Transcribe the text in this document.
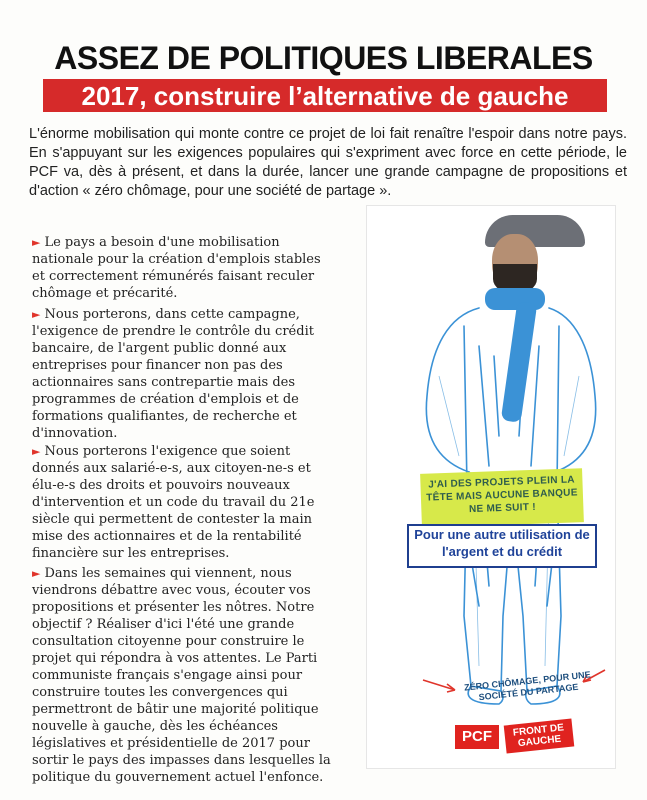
ASSEZ DE POLITIQUES LIBERALES
2017, construire l’alternative de gauche
L'énorme mobilisation qui monte contre ce projet de loi fait renaître l'espoir dans notre pays. En s'appuyant sur les exigences populaires qui s'expriment avec force en cette période, le PCF va, dès à présent, et dans la durée, lancer une grande campagne de propositions et d'action « zéro chômage, pour une société de partage ».
► Le pays a besoin d'une mobilisation nationale pour la création d'emplois stables et correctement rémunérés faisant reculer chômage et précarité.
► Nous porterons, dans cette campagne, l'exigence de prendre le contrôle du crédit bancaire, de l'argent public donné aux entreprises pour financer non pas des actionnaires sans contrepartie mais des programmes de création d'emplois et de formations qualifiantes, de recherche et d'innovation.
► Nous porterons l'exigence que soient donnés aux salarié-e-s, aux citoyen-ne-s et élu-e-s des droits et pouvoirs nouveaux d'intervention et un code du travail du 21e siècle qui permettent de contester la main mise des actionnaires et de la rentabilité financière sur les entreprises.
► Dans les semaines qui viennent, nous viendrons débattre avec vous, écouter vos propositions et présenter les nôtres. Notre objectif ? Réaliser d'ici l'été une grande consultation citoyenne pour construire le projet qui répondra à vos attentes. Le Parti communiste français s'engage ainsi pour construire toutes les convergences qui permettront de bâtir une majorité politique nouvelle à gauche, dès les échéances législatives et présidentielle de 2017 pour sortir le pays des impasses dans lesquelles la politique du gouvernement actuel l'enfonce.
J'AI DES PROJETS PLEIN LA TÊTE MAIS AUCUNE BANQUE NE ME SUIT !
Pour une autre utilisation de l'argent et du crédit
ZÉRO CHÔMAGE, POUR UNE SOCIÉTÉ DU PARTAGE
PCF	FRONT DE GAUCHE
